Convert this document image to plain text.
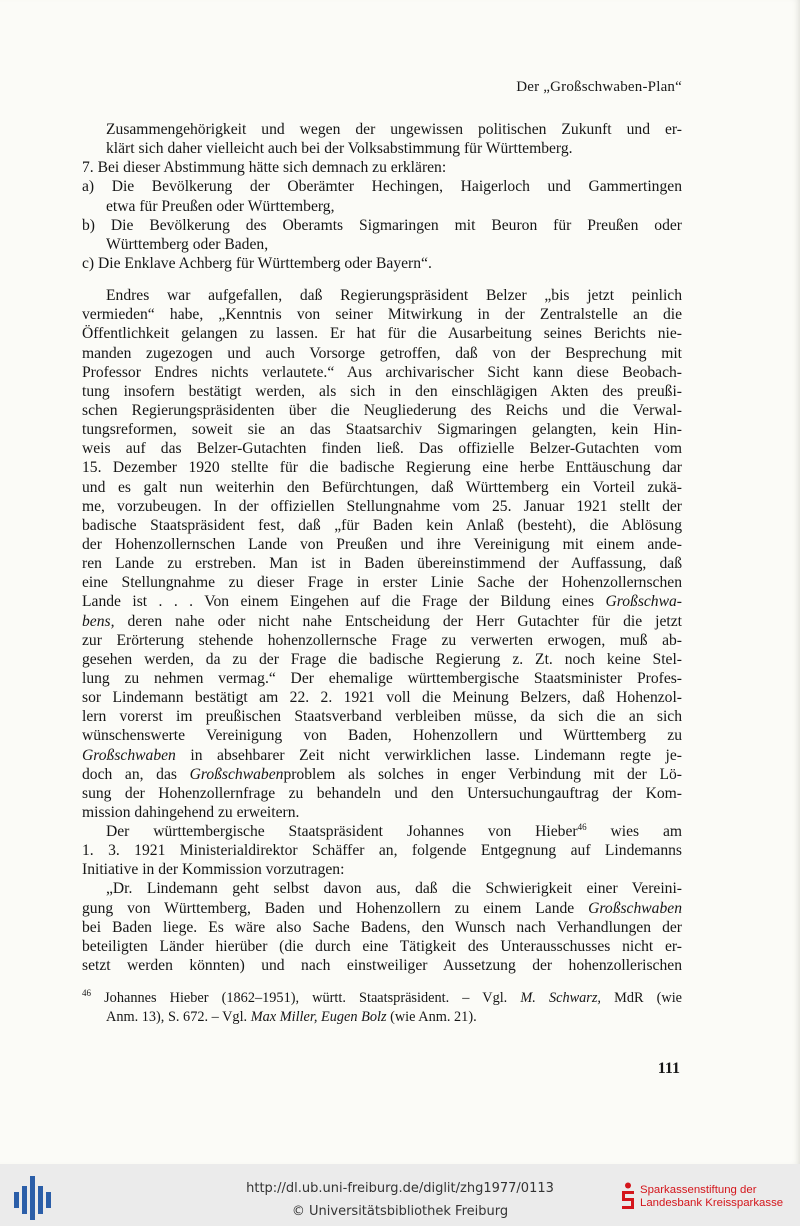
Der „Großschwaben-Plan“
Zusammengehörigkeit und wegen der ungewissen politischen Zukunft und er-
klärt sich daher vielleicht auch bei der Volksabstimmung für Württemberg.
7. Bei dieser Abstimmung hätte sich demnach zu erklären:
a) Die Bevölkerung der Oberämter Hechingen, Haigerloch und Gammertingen
etwa für Preußen oder Württemberg,
b) Die Bevölkerung des Oberamts Sigmaringen mit Beuron für Preußen oder
Württemberg oder Baden,
c) Die Enklave Achberg für Württemberg oder Bayern“.
Endres war aufgefallen, daß Regierungspräsident Belzer „bis jetzt peinlich
vermieden“ habe, „Kenntnis von seiner Mitwirkung in der Zentralstelle an die
Öffentlichkeit gelangen zu lassen. Er hat für die Ausarbeitung seines Berichts nie-
manden zugezogen und auch Vorsorge getroffen, daß von der Besprechung mit
Professor Endres nichts verlautete.“ Aus archivarischer Sicht kann diese Beobach-
tung insofern bestätigt werden, als sich in den einschlägigen Akten des preußi-
schen Regierungspräsidenten über die Neugliederung des Reichs und die Verwal-
tungsreformen, soweit sie an das Staatsarchiv Sigmaringen gelangten, kein Hin-
weis auf das Belzer-Gutachten finden ließ. Das offizielle Belzer-Gutachten vom
15. Dezember 1920 stellte für die badische Regierung eine herbe Enttäuschung dar
und es galt nun weiterhin den Befürchtungen, daß Württemberg ein Vorteil zukä-
me, vorzubeugen. In der offiziellen Stellungnahme vom 25. Januar 1921 stellt der
badische Staatspräsident fest, daß „für Baden kein Anlaß (besteht), die Ablösung
der Hohenzollernschen Lande von Preußen und ihre Vereinigung mit einem ande-
ren Lande zu erstreben. Man ist in Baden übereinstimmend der Auffassung, daß
eine Stellungnahme zu dieser Frage in erster Linie Sache der Hohenzollernschen
Lande ist . . . Von einem Eingehen auf die Frage der Bildung eines Großschwa-
bens, deren nahe oder nicht nahe Entscheidung der Herr Gutachter für die jetzt
zur Erörterung stehende hohenzollernsche Frage zu verwerten erwogen, muß ab-
gesehen werden, da zu der Frage die badische Regierung z. Zt. noch keine Stel-
lung zu nehmen vermag.“ Der ehemalige württembergische Staatsminister Profes-
sor Lindemann bestätigt am 22. 2. 1921 voll die Meinung Belzers, daß Hohenzol-
lern vorerst im preußischen Staatsverband verbleiben müsse, da sich die an sich
wünschenswerte Vereinigung von Baden, Hohenzollern und Württemberg zu
Großschwaben in absehbarer Zeit nicht verwirklichen lasse. Lindemann regte je-
doch an, das Großschwabenproblem als solches in enger Verbindung mit der Lö-
sung der Hohenzollernfrage zu behandeln und den Untersuchungauftrag der Kom-
mission dahingehend zu erweitern.
Der württembergische Staatspräsident Johannes von Hieber$^{46}$ wies am
1. 3. 1921 Ministerialdirektor Schäffer an, folgende Entgegnung auf Lindemanns
Initiative in der Kommission vorzutragen:
„Dr. Lindemann geht selbst davon aus, daß die Schwierigkeit einer Vereini-
gung von Württemberg, Baden und Hohenzollern zu einem Lande Großschwaben
bei Baden liege. Es wäre also Sache Badens, den Wunsch nach Verhandlungen der
beteiligten Länder hierüber (die durch eine Tätigkeit des Unterausschusses nicht er-
setzt werden könnten) und nach einstweiliger Aussetzung der hohenzollerischen
$^{46}$ Johannes Hieber (1862–1951), württ. Staatspräsident. – Vgl. M. Schwarz, MdR (wie
Anm. 13), S. 672. – Vgl. Max Miller, Eugen Bolz (wie Anm. 21).
111
http://dl.ub.uni-freiburg.de/diglit/zhg1977/0113
© Universitätsbibliothek Freiburg
Sparkassenstiftung der
Landesbank Kreissparkasse
